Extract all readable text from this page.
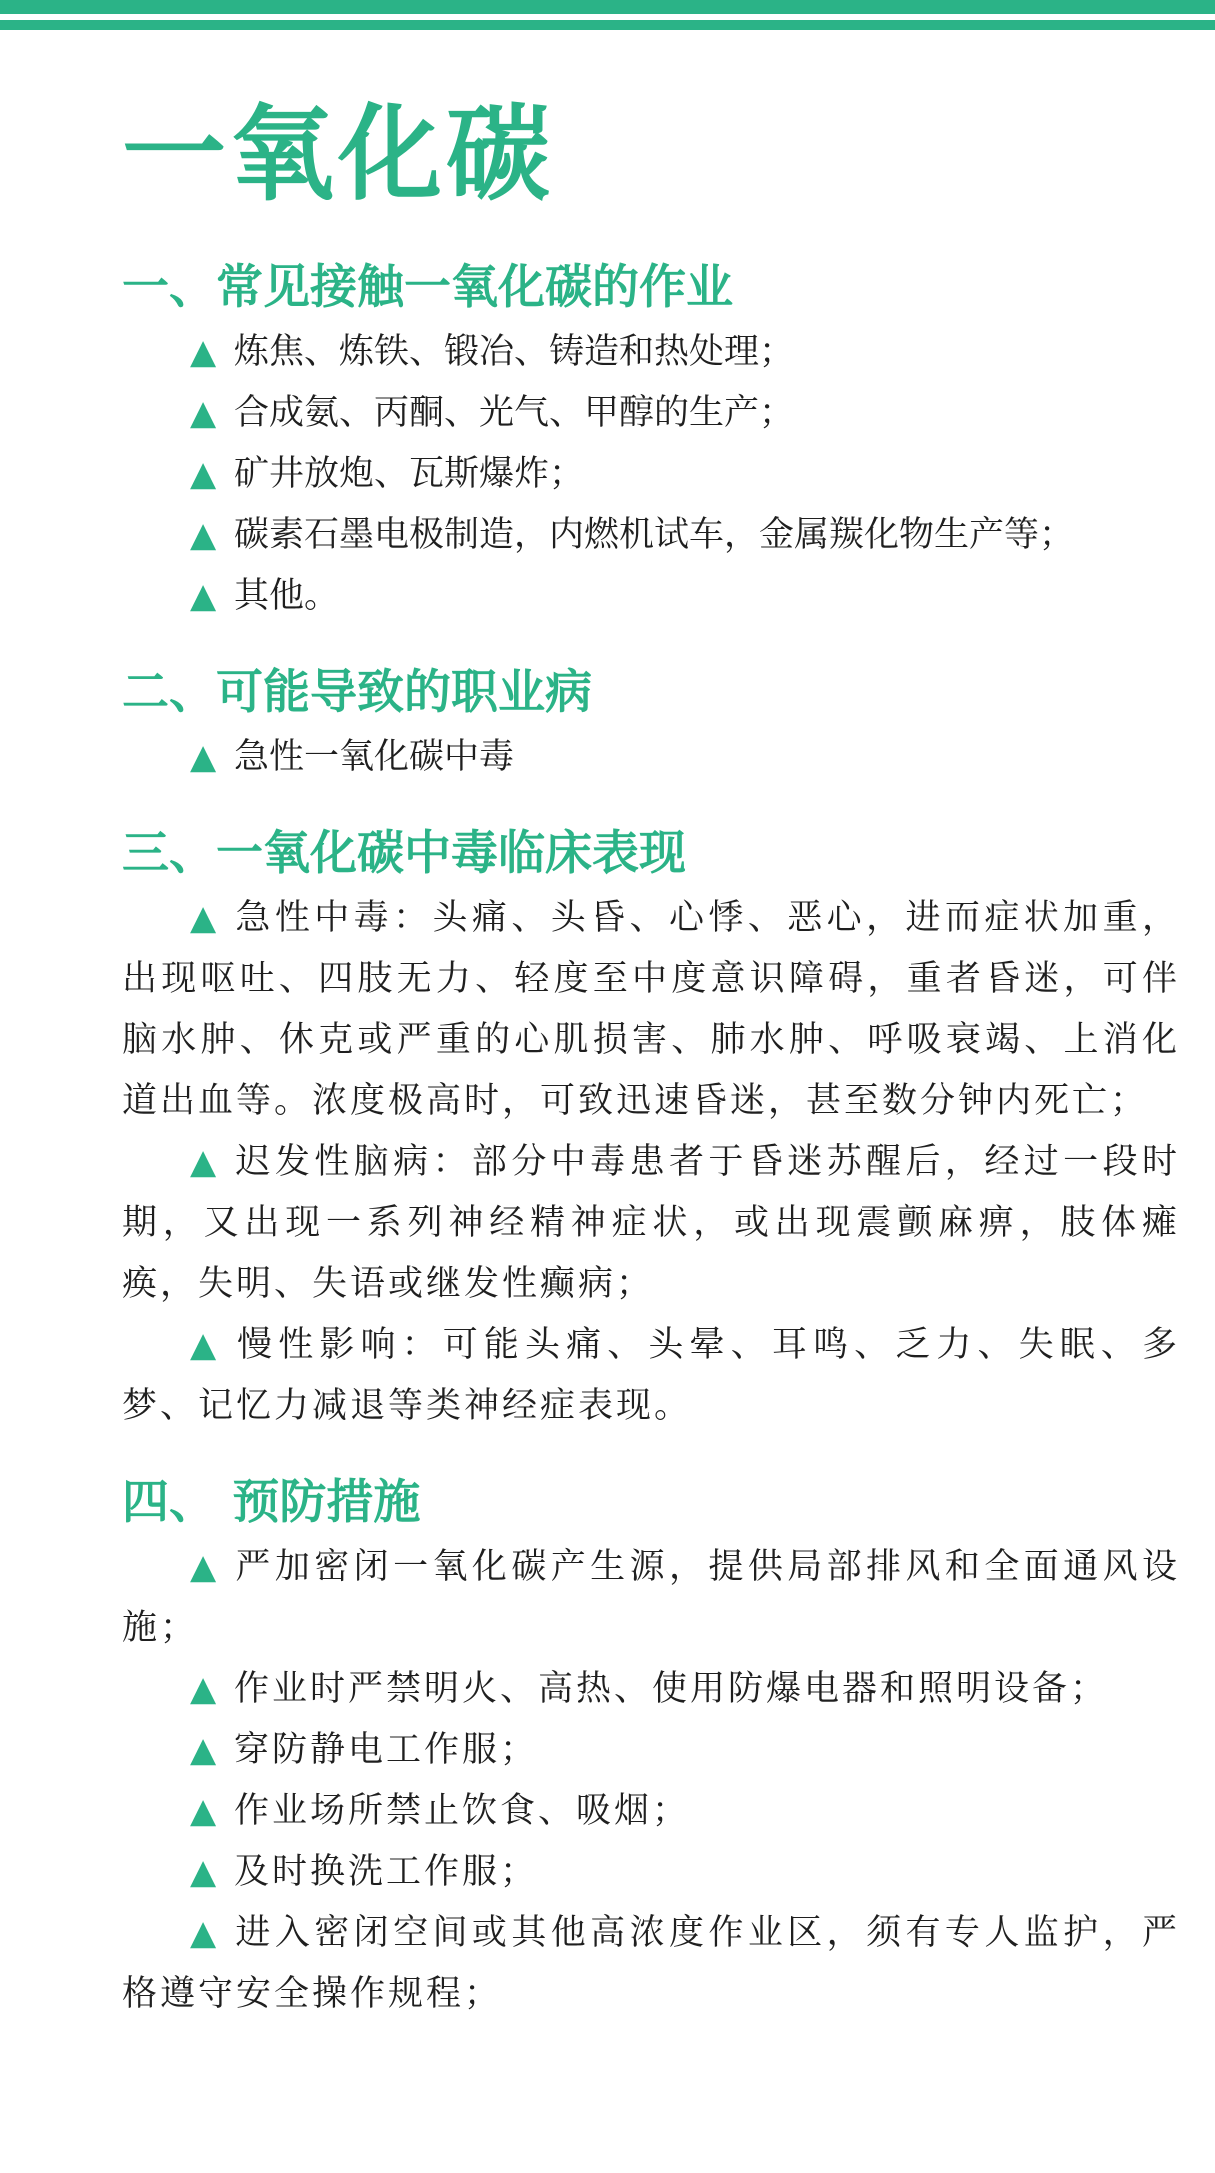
一氧化碳
一、常见接触一氧化碳的作业

▲ 炼焦、炼铁、锻冶、铸造和热处理；

▲ 合成氨、丙酮、光气、甲醇的生产；

▲ 矿井放炮、瓦斯爆炸；

▲ 碳素石墨电极制造，内燃机试车，金属羰化物生产等；

▲ 其他。

二、可能导致的职业病

▲ 急性一氧化碳中毒

三、一氧化碳中毒临床表现

▲ 急性中毒：头痛、头昏、心悸、恶心，进而症状加重，出现呕吐、四肢无力、轻度至中度意识障碍，重者昏迷，可伴脑水肿、休克或严重的心肌损害、肺水肿、呼吸衰竭、上消化道出血等。浓度极高时，可致迅速昏迷，甚至数分钟内死亡；

▲ 迟发性脑病：部分中毒患者于昏迷苏醒后，经过一段时期，又出现一系列神经精神症状，或出现震颤麻痹，肢体瘫痪，失明、失语或继发性癫病；

▲ 慢性影响：可能头痛、头晕、耳鸣、乏力、失眠、多梦、记忆力减退等类神经症表现。

四、 预防措施

▲ 严加密闭一氧化碳产生源，提供局部排风和全面通风设施；

▲ 作业时严禁明火、高热、使用防爆电器和照明设备；

▲ 穿防静电工作服；

▲ 作业场所禁止饮食、吸烟；

▲ 及时换洗工作服；

▲ 进入密闭空间或其他高浓度作业区，须有专人监护，严格遵守安全操作规程；
